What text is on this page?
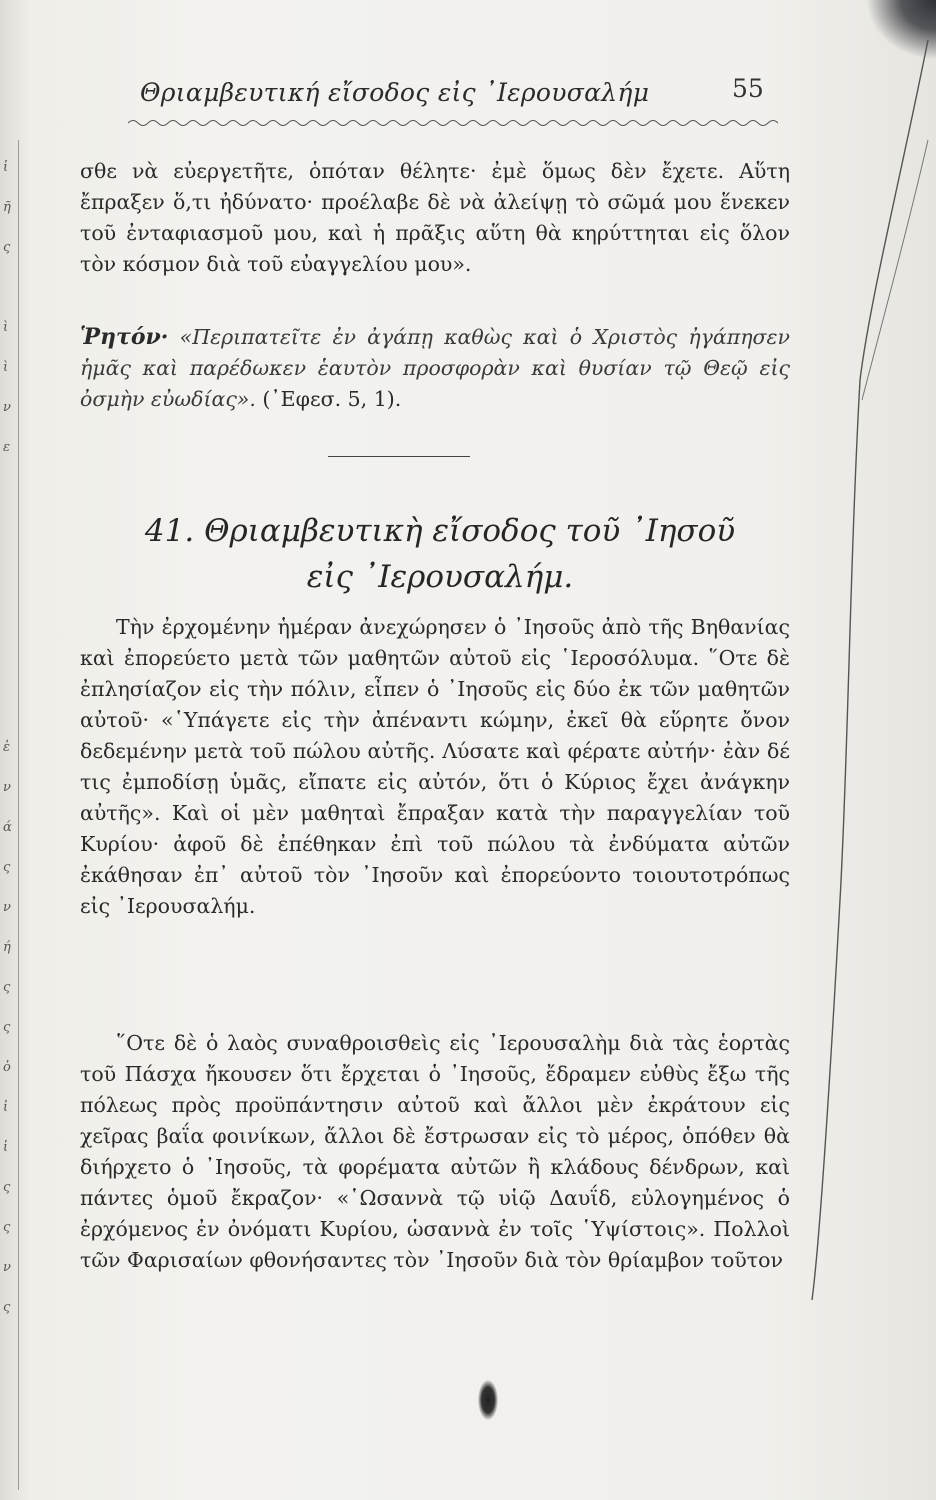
ἰ
ῆ
ς
ὶ
ὶ
ν
ε
ἑ
ν
ά
ς
ν
ή
ς
ς
ὁ
ἰ
ἱ
ς
ς
ν
ς
Θριαμβευτική εἴσοδος εἰς ᾿Ιερουσαλήμ	55

σθε νὰ εὐεργετῆτε, ὁπόταν θέλητε· ἐμὲ ὅμως δὲν ἔχετε. Αὕτη ἔπραξεν ὅ,τι ἠδύνατο· προέλαβε δὲ νὰ ἀλείψῃ τὸ σῶμά μου ἕνεκεν τοῦ ἐνταφιασμοῦ μου, καὶ ἡ πρᾶξις αὕτη θὰ κηρύττηται εἰς ὅλον τὸν κόσμον διὰ τοῦ εὐαγγελίου μου».

Ῥητόν· «Περιπατεῖτε ἐν ἀγάπῃ καθὼς καὶ ὁ Χριστὸς ἠγάπησεν ἡμᾶς καὶ παρέδωκεν ἑαυτὸν προσφορὰν καὶ θυσίαν τῷ Θεῷ εἰς ὀσμὴν εὐωδίας». (᾿Εφεσ. 5, 1).
41. Θριαμβευτικὴ εἴσοδος τοῦ ᾿Ιησοῦ
εἰς ᾿Ιερουσαλήμ.

Τὴν ἐρχομένην ἡμέραν ἀνεχώρησεν ὁ ᾿Ιησοῦς ἀπὸ τῆς Βηθανίας καὶ ἐπορεύετο μετὰ τῶν μαθητῶν αὐτοῦ εἰς ῾Ιεροσόλυμα. ῞Οτε δὲ ἐπλησίαζον εἰς τὴν πόλιν, εἶπεν ὁ ᾿Ιησοῦς εἰς δύο ἐκ τῶν μαθητῶν αὐτοῦ· «῾Υπάγετε εἰς τὴν ἀπέναντι κώμην, ἐκεῖ θὰ εὕρητε ὄνον δεδεμένην μετὰ τοῦ πώλου αὐτῆς. Λύσατε καὶ φέρατε αὐτήν· ἐὰν δέ τις ἐμποδίσῃ ὑμᾶς, εἴπατε εἰς αὐτόν, ὅτι ὁ Κύριος ἔχει ἀνάγκην αὐτῆς». Καὶ οἱ μὲν μαθηταὶ ἔπραξαν κατὰ τὴν παραγγελίαν τοῦ Κυρίου· ἀφοῦ δὲ ἐπέθηκαν ἐπὶ τοῦ πώλου τὰ ἐνδύματα αὐτῶν ἐκάθησαν ἐπ᾿ αὐτοῦ τὸν ᾿Ιησοῦν καὶ ἐπορεύοντο τοιουτοτρόπως εἰς ᾿Ιερουσαλήμ.

῞Οτε δὲ ὁ λαὸς συναθροισθεὶς εἰς ᾿Ιερουσαλὴμ διὰ τὰς ἑορτὰς τοῦ Πάσχα ἤκουσεν ὅτι ἔρχεται ὁ ᾿Ιησοῦς, ἔδραμεν εὐθὺς ἔξω τῆς πόλεως πρὸς προϋπάντησιν αὐτοῦ καὶ ἄλλοι μὲν ἐκράτουν εἰς χεῖρας βαΐα φοινίκων, ἄλλοι δὲ ἔστρωσαν εἰς τὸ μέρος, ὁπόθεν θὰ διήρχετο ὁ ᾿Ιησοῦς, τὰ φορέματα αὐτῶν ἢ κλάδους δένδρων, καὶ πάντες ὁμοῦ ἔκραζον· «῾Ωσαννὰ τῷ υἱῷ Δαυΐδ, εὐλογημένος ὁ ἐρχόμενος ἐν ὀνόματι Κυρίου, ὡσαννὰ ἐν τοῖς ῾Υψίστοις». Πολλοὶ τῶν Φαρισαίων φθονήσαντες τὸν ᾿Ιησοῦν διὰ τὸν θρίαμβον τοῦτον
